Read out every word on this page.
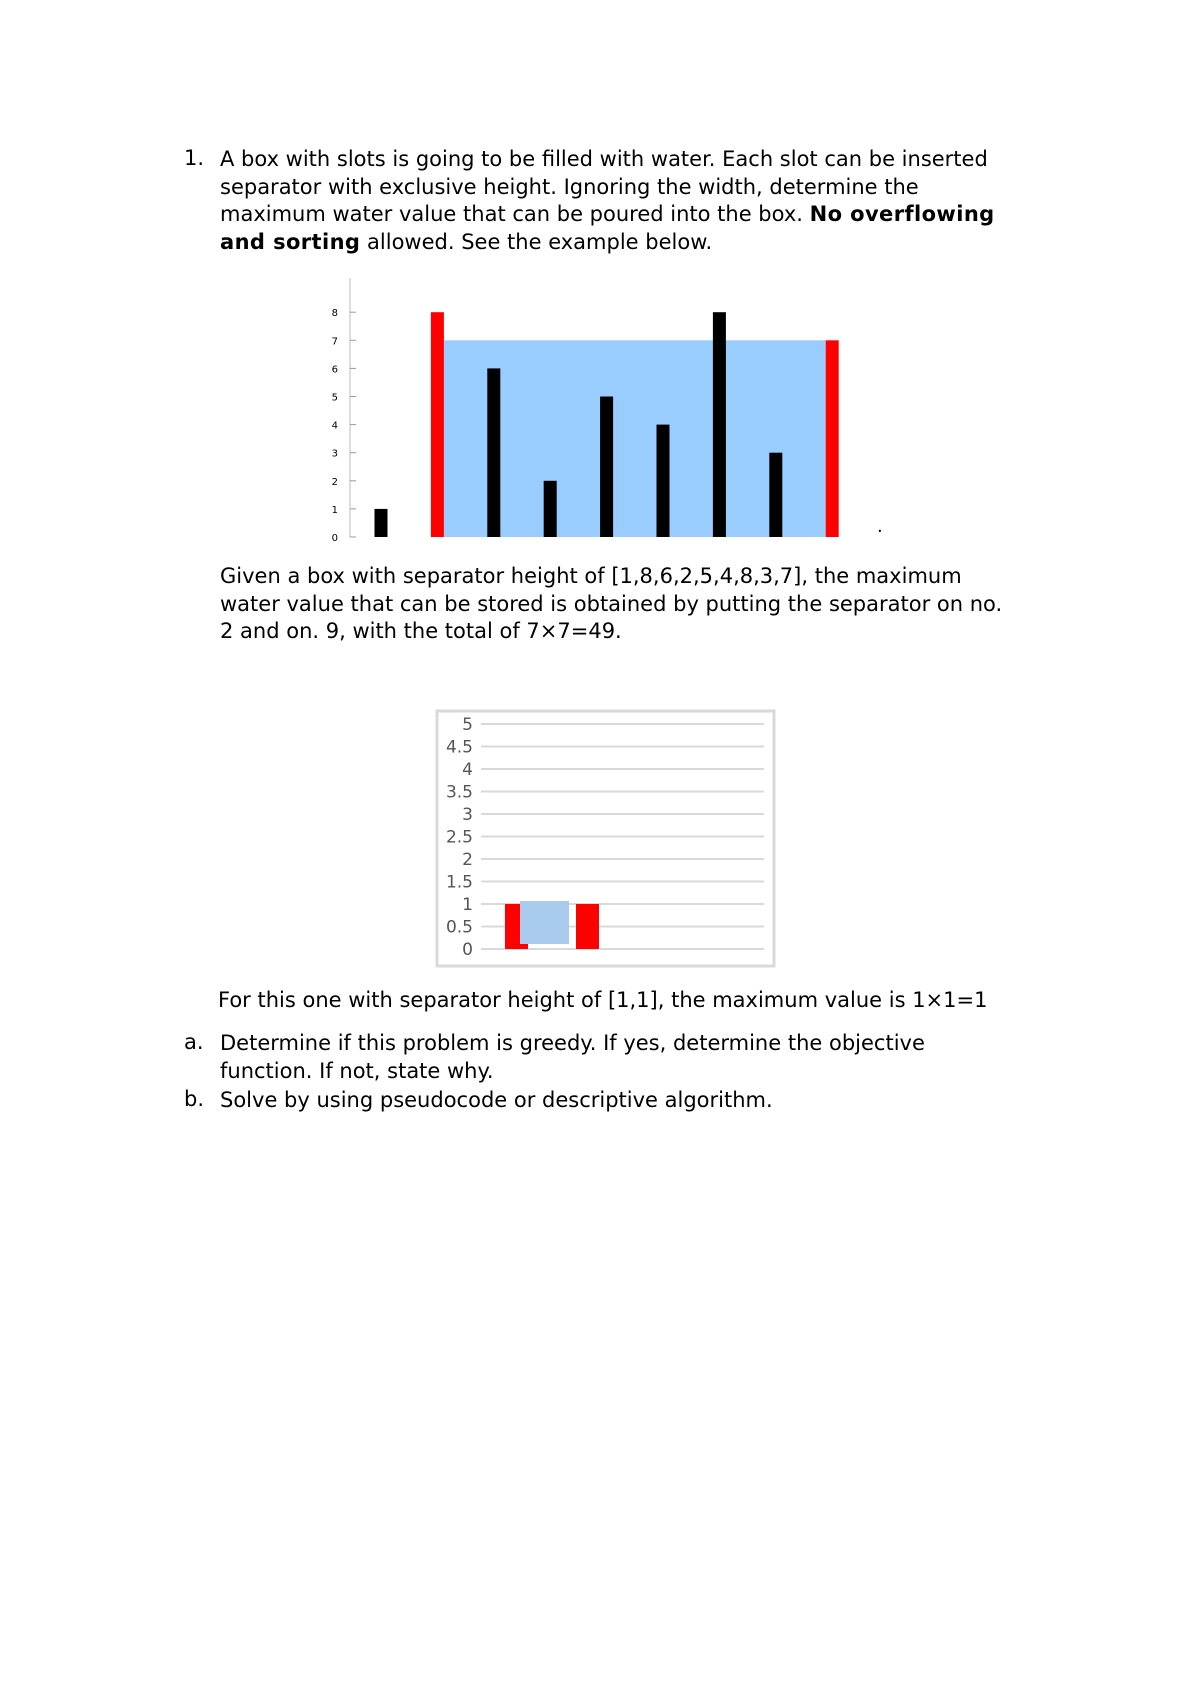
1. A box with slots is going to be filled with water. Each slot can be inserted
separator with exclusive height. Ignoring the width, determine the
maximum water value that can be poured into the box. No overflowing
and sorting allowed. See the example below.
0
1
2
3
4
5
6
7
8
.
Given a box with separator height of [1,8,6,2,5,4,8,3,7], the maximum
water value that can be stored is obtained by putting the separator on no.
2 and on. 9, with the total of 7×7=49.
0
0.5
1
1.5
2
2.5
3
3.5
4
4.5
5
For this one with separator height of [1,1], the maximum value is 1×1=1
a. Determine if this problem is greedy. If yes, determine the objective
function. If not, state why.
b. Solve by using pseudocode or descriptive algorithm.
